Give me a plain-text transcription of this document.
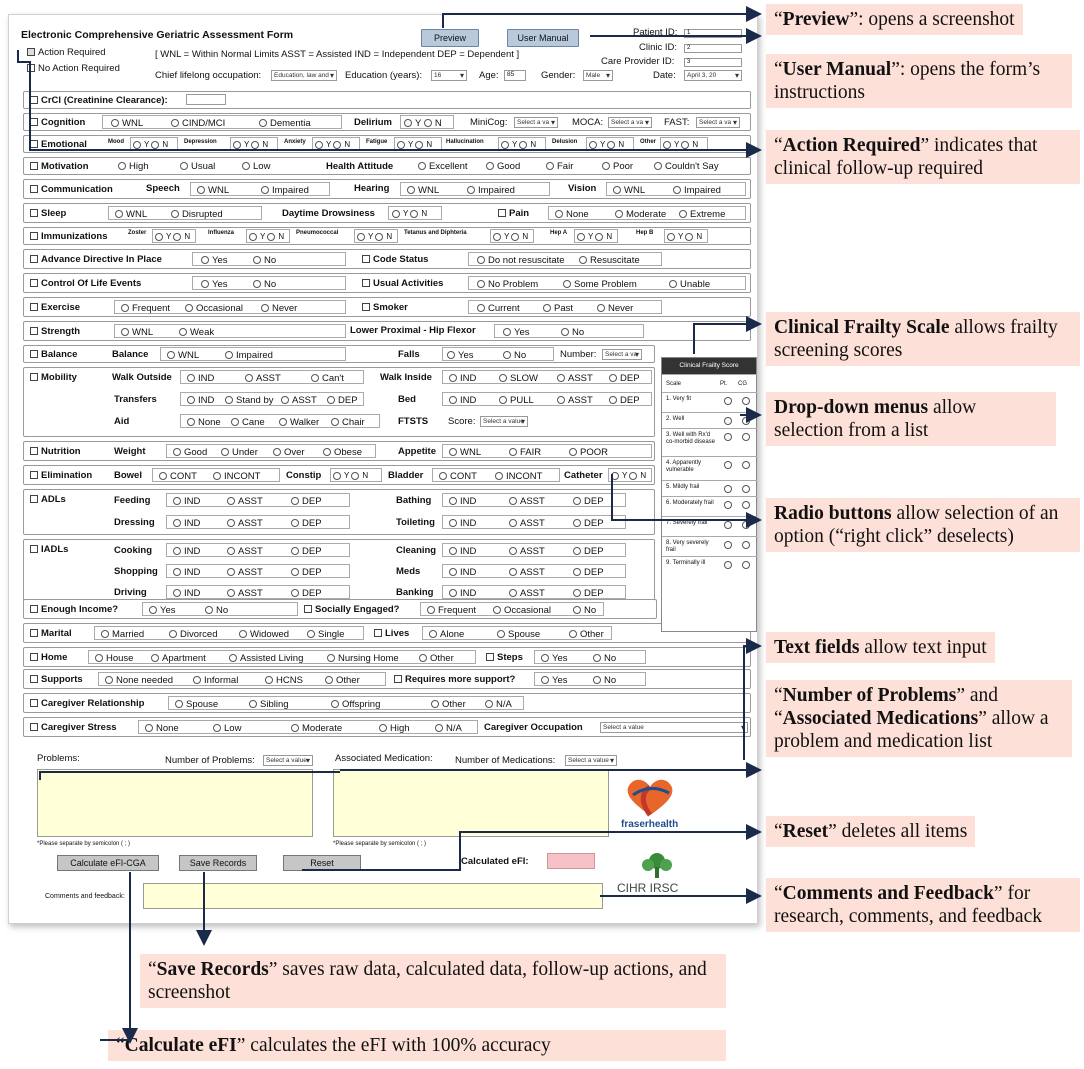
Electronic Comprehensive Geriatric Assessment Form	Preview	User Manual
Action Required
No Action Required
[ WNL = Within Normal Limits ASST = Assisted IND = Independent DEP = Dependent ]
Chief lifelong occupation:	Education, law and ▾	Education (years):	16 ▾	Age:	85	Gender:	Male ▾
Patient ID:	1
Clinic ID:	2
Care Provider ID:	3
Date:	April 3, 20 ▾
CrCl (Creatinine Clearance):
Cognition	WNL	CIND/MCI	Dementia	Delirium	Y N	MiniCog:	Select a va ▾	MOCA:	Select a va ▾	FAST:	Select a va ▾
Emotional	Mood	Y N	Depression	Y N	Anxiety	Y N	Fatigue	Y N Hallucination	Y N	Delusion	Y N	Other	Y N
Motivation	High	Usual	Low	Health Attitude	Excellent	Good	Fair	Poor	Couldn't Say
Communication	Speech	WNL	Impaired	Hearing	WNL	Impaired	Vision	WNL	Impaired
Sleep	WNL	Disrupted	Daytime Drowsiness	Y N	Pain	None	Moderate	Extreme
Immunizations	Zoster	Y N	Influenza	Y N Pneumococcal	Y N Tetanus and Diphteria	Y N	Hep A	Y N	Hep B	Y N
Advance Directive In Place	Yes	No	Code Status	Do not resuscitate	Resuscitate
Control Of Life Events	Yes	No	Usual Activities	No Problem	Some Problem	Unable
Exercise	Frequent	Occasional	Never	Smoker	Current	Past	Never
Strength	WNL	Weak	Lower Proximal - Hip Flexor	Yes	No
Balance	Balance	WNL	Impaired	Falls	Yes	No	Number:	Select a va ▾
Mobility	Walk Outside	IND	ASST	Can't	Walk Inside	IND	SLOW	ASST	DEP
Transfers	IND	Stand by	ASST	DEP	Bed	IND	PULL	ASST	DEP
Aid	None	Cane	Walker	Chair	FTSTS Score:	Select a value ▾
Nutrition	Weight	Good	Under	Over	Obese	Appetite	WNL	FAIR	POOR
Elimination Bowel	CONT	INCONT	Constip	Y N Bladder	CONT	INCONT Catheter	Y N
ADLs	Feeding	IND	ASST	DEP	Bathing	IND	ASST	DEP
Dressing	IND	ASST	DEP	Toileting	IND	ASST	DEP
IADLs	Cooking	IND	ASST	DEP	Cleaning	IND	ASST	DEP
Shopping	IND	ASST	DEP	Meds	IND	ASST	DEP
Driving	IND	ASST	DEP	Banking	IND	ASST	DEP
Enough Income?	Yes	No	Socially Engaged?	Frequent	Occasional	No
Marital	Married	Divorced	Widowed	Single	Lives	Alone	Spouse	Other
Home	House	Apartment	Assisted Living	Nursing Home	Other	Steps	Yes	No
Supports	None needed	Informal	HCNS	Other	Requires more support?	Yes	No
Caregiver Relationship	Spouse	Sibling	Offspring	Other	N/A
Caregiver Stress	None	Low	Moderate	High	N/A Caregiver Occupation	Select a value ▾
Problems:	Number of Problems:	Select a value ▾	Associated Medication: Number of Medications:	Select a value ▾
*Please separate by semicolon ( ; )	*Please separate by semicolon ( ; )
fraserhealth
CIHR IRSC
Calculate eFI-CGA	Save Records	Reset	Calculated eFI:
Comments and feedback:
Clinical Frailty Score
Scale	Pt. CG
1. Very fit
2. Well
3. Well with Rx'd co-morbid disease
4. Apparently vulnerable
5. Mildly frail
6. Moderately frail
7. Severely frail
8. Very severely frail
9. Terminally ill
“Preview”: opens a screenshot
“User Manual”: opens the form’s instructions
“Action Required” indicates that clinical follow-up required
Clinical Frailty Scale allows frailty screening scores
Drop-down menus allow selection from a list
Radio buttons allow selection of an option (“right click” deselects)
Text fields allow text input
“Number of Problems” and “Associated Medications” allow a problem and medication list
“Reset” deletes all items
“Comments and Feedback” for research, comments, and feedback
“Save Records” saves raw data, calculated data, follow-up actions, and screenshot
“Calculate eFI” calculates the eFI with 100% accuracy
